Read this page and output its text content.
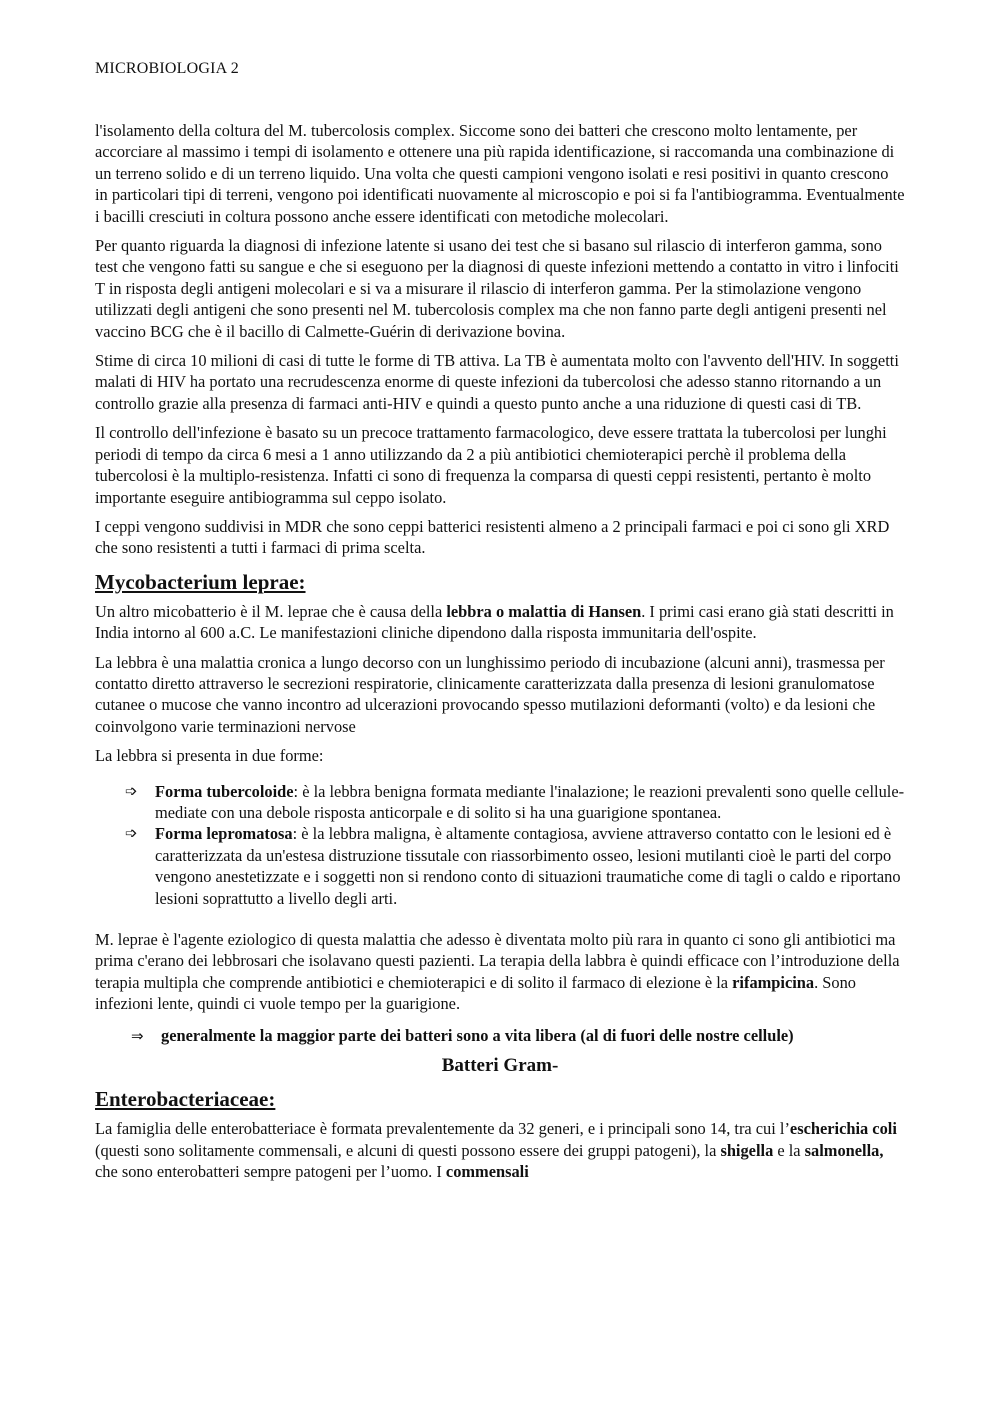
MICROBIOLOGIA 2

l'isolamento della coltura del M. tubercolosis complex. Siccome sono dei batteri che crescono molto lentamente, per accorciare al massimo i tempi di isolamento e ottenere una più rapida identificazione, si raccomanda una combinazione di un terreno solido e di un terreno liquido. Una volta che questi campioni vengono isolati e resi positivi in quanto crescono in particolari tipi di terreni, vengono poi identificati nuovamente al microscopio e poi si fa l'antibiogramma. Eventualmente i bacilli cresciuti in coltura possono anche essere identificati con metodiche molecolari.

Per quanto riguarda la diagnosi di infezione latente si usano dei test che si basano sul rilascio di interferon gamma, sono test che vengono fatti su sangue e che si eseguono per la diagnosi di queste infezioni mettendo a contatto in vitro i linfociti T in risposta degli antigeni molecolari e si va a misurare il rilascio di interferon gamma. Per la stimolazione vengono utilizzati degli antigeni che sono presenti nel M. tubercolosis complex ma che non fanno parte degli antigeni presenti nel vaccino BCG che è il bacillo di Calmette-Guérin di derivazione bovina.

Stime di circa 10 milioni di casi di tutte le forme di TB attiva. La TB è aumentata molto con l'avvento dell'HIV. In soggetti malati di HIV ha portato una recrudescenza enorme di queste infezioni da tubercolosi che adesso stanno ritornando a un controllo grazie alla presenza di farmaci anti-HIV e quindi a questo punto anche a una riduzione di questi casi di TB.

Il controllo dell'infezione è basato su un precoce trattamento farmacologico, deve essere trattata la tubercolosi per lunghi periodi di tempo da circa 6 mesi a 1 anno utilizzando da 2 a più antibiotici chemioterapici perchè il problema della tubercolosi è la multiplo-resistenza. Infatti ci sono di frequenza la comparsa di questi ceppi resistenti, pertanto è molto importante eseguire antibiogramma sul ceppo isolato.

I ceppi vengono suddivisi in MDR che sono ceppi batterici resistenti almeno a 2 principali farmaci e poi ci sono gli XRD che sono resistenti a tutti i farmaci di prima scelta.

Mycobacterium leprae:

Un altro micobatterio è il M. leprae che è causa della lebbra o malattia di Hansen. I primi casi erano già stati descritti in India intorno al 600 a.C. Le manifestazioni cliniche dipendono dalla risposta immunitaria dell'ospite.

La lebbra è una malattia cronica a lungo decorso con un lunghissimo periodo di incubazione (alcuni anni), trasmessa per contatto diretto attraverso le secrezioni respiratorie, clinicamente caratterizzata dalla presenza di lesioni granulomatose cutanee o mucose che vanno incontro ad ulcerazioni provocando spesso mutilazioni deformanti (volto) e da lesioni che coinvolgono varie terminazioni nervose

La lebbra si presenta in due forme:

➩ Forma tubercoloide: è la lebbra benigna formata mediante l'inalazione; le reazioni prevalenti sono quelle cellule-mediate con una debole risposta anticorpale e di solito si ha una guarigione spontanea.
➩ Forma lepromatosa: è la lebbra maligna, è altamente contagiosa, avviene attraverso contatto con le lesioni ed è caratterizzata da un'estesa distruzione tissutale con riassorbimento osseo, lesioni mutilanti cioè le parti del corpo vengono anestetizzate e i soggetti non si rendono conto di situazioni traumatiche come di tagli o caldo e riportano lesioni soprattutto a livello degli arti.

M. leprae è l'agente eziologico di questa malattia che adesso è diventata molto più rara in quanto ci sono gli antibiotici ma prima c'erano dei lebbrosari che isolavano questi pazienti. La terapia della labbra è quindi efficace con l’introduzione della terapia multipla che comprende antibiotici e chemioterapici e di solito il farmaco di elezione è la rifampicina. Sono infezioni lente, quindi ci vuole tempo per la guarigione.

⇒	generalmente la maggior parte dei batteri sono a vita libera (al di fuori delle nostre cellule)
Batteri Gram-
Enterobacteriaceae:

La famiglia delle enterobatteriace è formata prevalentemente da 32 generi, e i principali sono 14, tra cui l’escherichia coli (questi sono solitamente commensali, e alcuni di questi possono essere dei gruppi patogeni), la shigella e la salmonella, che sono enterobatteri sempre patogeni per l’uomo. I commensali
